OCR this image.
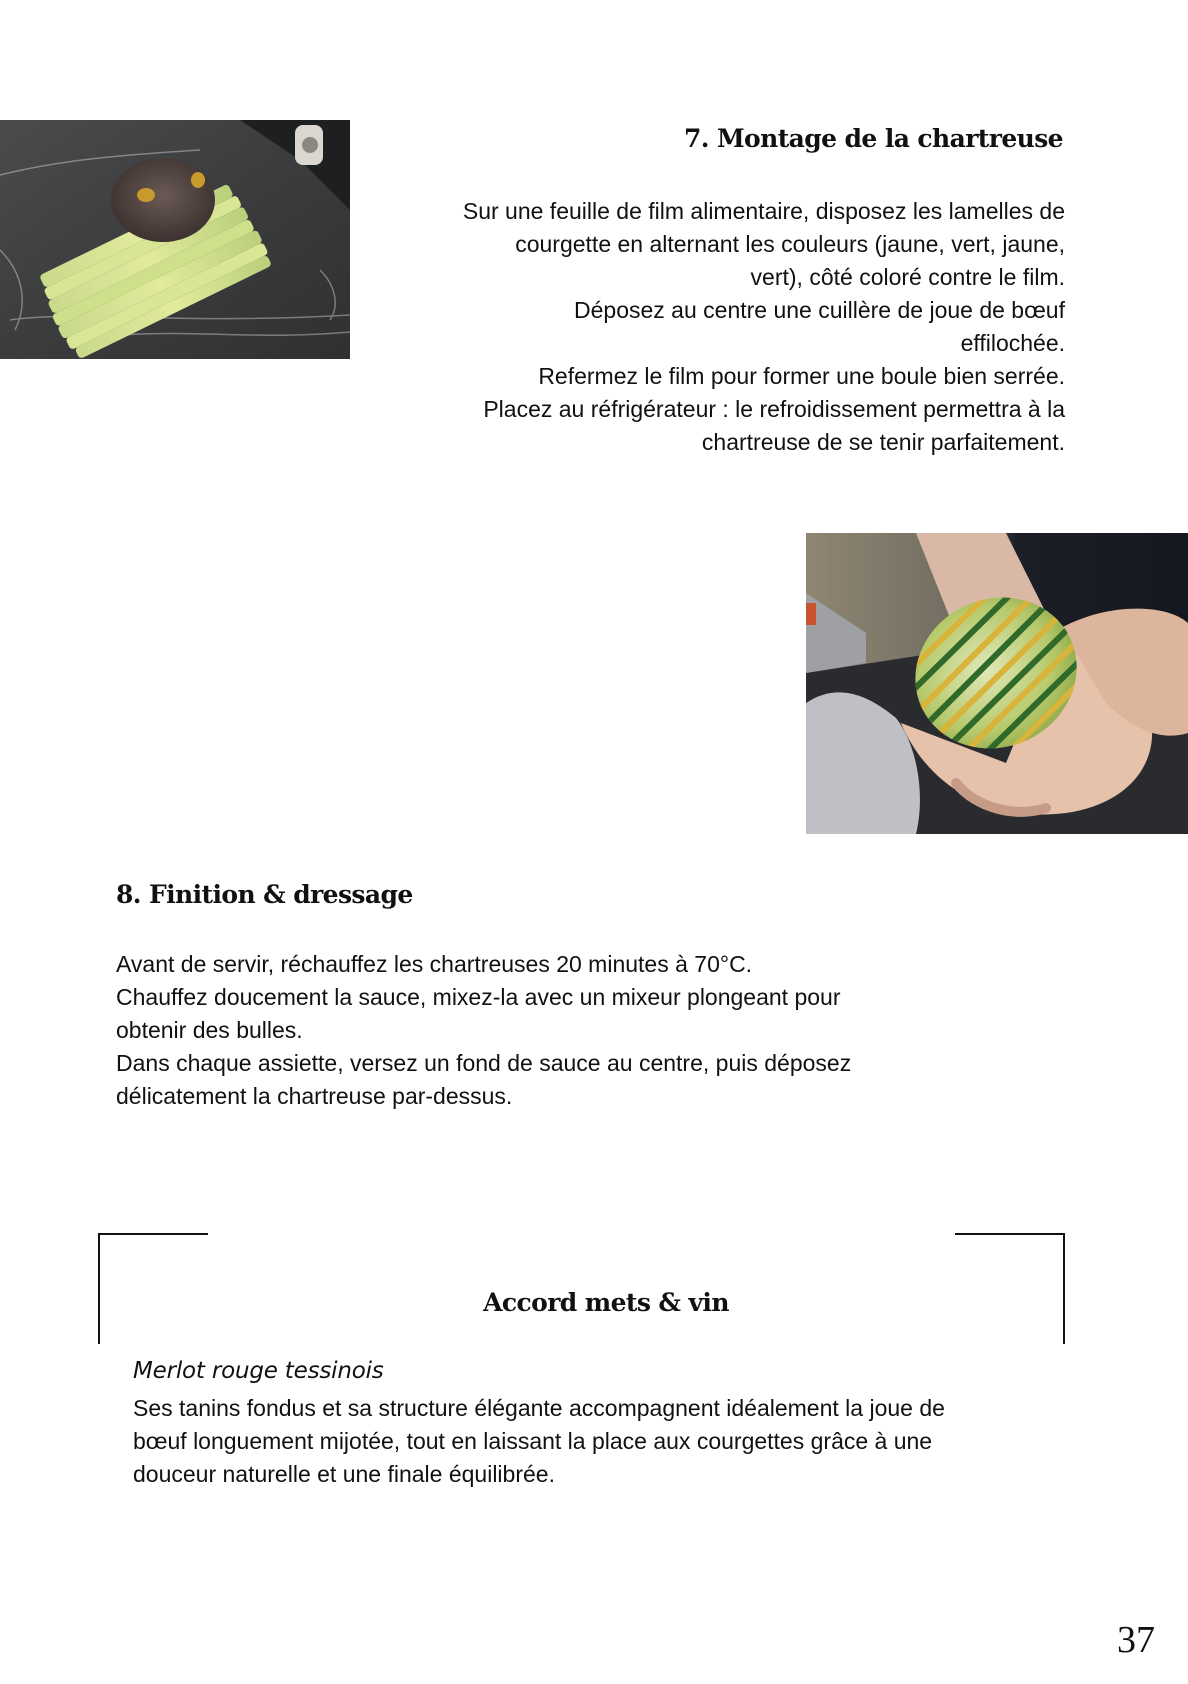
7. Montage de la chartreuse

Sur une feuille de film alimentaire, disposez les lamelles de
courgette en alternant les couleurs (jaune, vert, jaune,
vert), côté coloré contre le film.
Déposez au centre une cuillère de joue de bœuf
effilochée.
Refermez le film pour former une boule bien serrée.
Placez au réfrigérateur : le refroidissement permettra à la
chartreuse de se tenir parfaitement.

8. Finition & dressage

Avant de servir, réchauffez les chartreuses 20 minutes à 70°C.
Chauffez doucement la sauce, mixez-la avec un mixeur plongeant pour
obtenir des bulles.
Dans chaque assiette, versez un fond de sauce au centre, puis déposez
délicatement la chartreuse par-dessus.

Accord mets & vin

Merlot rouge tessinois

Ses tanins fondus et sa structure élégante accompagnent idéalement la joue de
bœuf longuement mijotée, tout en laissant la place aux courgettes grâce à une
douceur naturelle et une finale équilibrée.

37
